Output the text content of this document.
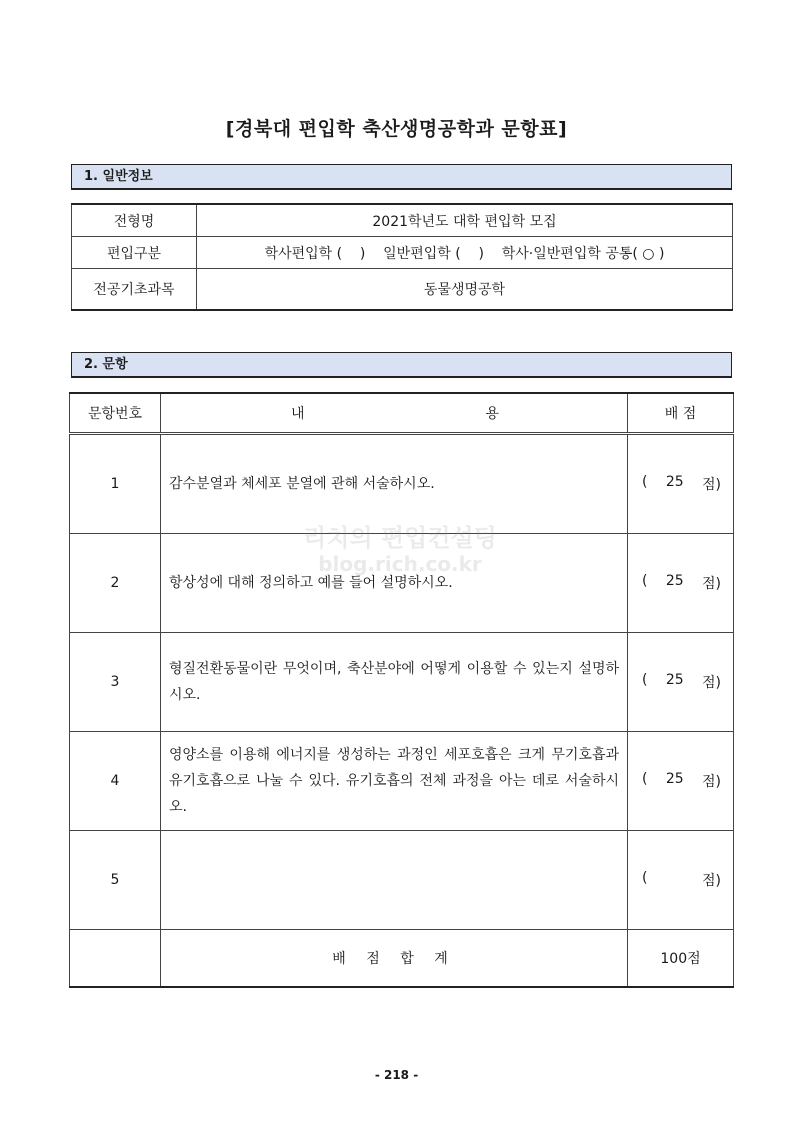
[경북대 편입학 축산생명공학과 문항표]
1. 일반정보
전형명	2021학년도 대학 편입학 모집
편입구분	학사편입학 (    )    일반편입학 (    )    학사·일반편입학 공통( ○ )
전공기초과목	동물생명공학
2. 문항
문항번호	내 용	배 점
1	감수분열과 체세포 분열에 관해 서술하시오.	( 25 점)

2	항상성에 대해 정의하고 예를 들어 설명하시오.	( 25 점)

3	형질전환동물이란 무엇이며, 축산분야에 어떻게 이용할 수 있는지 설명하시오.	( 25 점)

4	영양소를 이용해 에너지를 생성하는 과정인 세포호흡은 크게 무기호흡과 유기호흡으로 나눌 수 있다. 유기호흡의 전체 과정을 아는 데로 서술하시오.	( 25 점)

5		( 점)

	배 점 합 계	100점
리치의 편입컨설팅
blog.rich.co.kr
- 218 -
